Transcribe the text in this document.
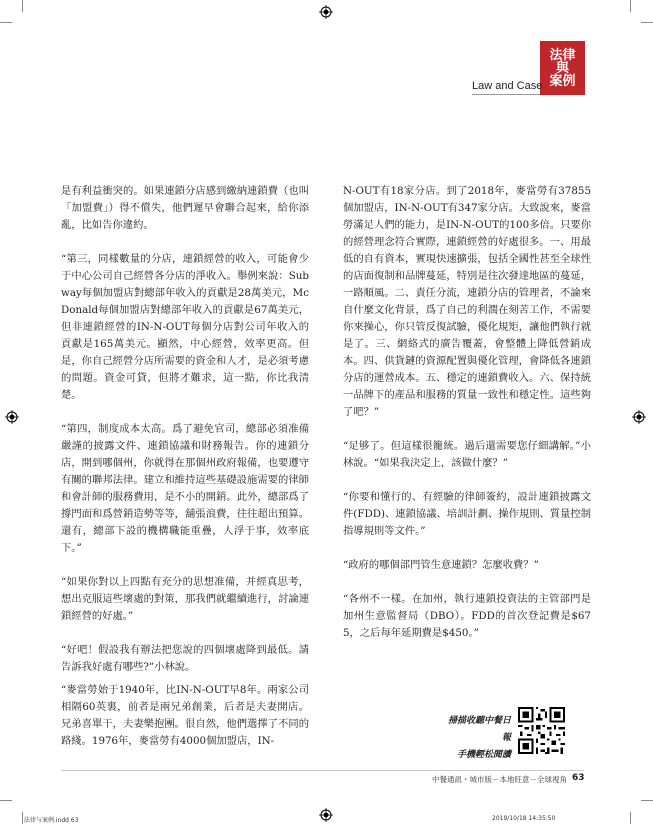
法律
與
案例
Law and Case

是有利益衝突的。如果連鎖分店感到繳納連鎖費（也叫「加盟費」）得不償失，他們遲早會聯合起來，給你添亂，比如告你違約。

“第三，同樣數量的分店，連鎖經營的收入，可能會少于中心公司自己經營各分店的淨收入。舉例來說：Subway每個加盟店對總部年收入的貢獻是28萬美元，McDonald每個加盟店對總部年收入的貢獻是67萬美元，但非連鎖經營的IN-N-OUT每個分店對公司年收入的貢獻是165萬美元。顯然，中心經營，效率更高。但是，你自己經營分店所需要的資金和人才，是必須考慮的問題。資金可貸，但將才難求，這一點，你比我清楚。

“第四，制度成本太高。爲了避免官司，總部必須准備嚴謹的披露文件、連鎖協議和財務報告。你的連鎖分店，開到哪個州，你就得在那個州政府報備，也要遵守有關的聯邦法律。建立和維持這些基礎設施需要的律師和會計師的服務費用，是不小的開銷。此外，總部爲了撐門面和爲營銷造勢等等，舖張浪費，往往超出預算。還有，總部下設的機構職能重疊，人浮于事，效率底下。”

“如果你對以上四點有充分的思想准備，并經真思考，想出克服這些壞處的對策，那我們就繼續進行，討論連鎖經營的好處。”

“好吧！假設我有辦法把您說的四個壞處降到最低。請告訴我好處有哪些?”小林說。

“麥當勞始于1940年，比IN-N-OUT早8年。兩家公司相隔60英裏，前者是兩兄弟創業，后者是夫妻開店。兄弟喜單干，夫妻樂抱團。很自然，他們選擇了不同的路綫。1976年，麥當勞有4000個加盟店，IN-

N-OUT有18家分店。到了2018年，麥當勞有37855個加盟店，IN-N-OUT有347家分店。大致說來，麥當勞滿足人們的能力，是IN-N-OUT的100多倍。只要你的經營理念符合實際，連鎖經營的好處很多。一、用最低的自有資本，實現快速擴張，包括全國性甚至全球性的店面復制和品牌蔓延，特別是往次發達地區的蔓延，一路順風。二、責任分流，連鎖分店的管理者，不論來自什麼文化背景，爲了自己的利潤在刻苦工作，不需要你來操心，你只管反復試驗，優化規矩，讓他們執行就是了。三、網絡式的廣告覆蓋，會整體上降低營銷成本。四、供貨鏈的資源配置與優化管理，會降低各連鎖分店的運營成本。五、穩定的連鎖費收入。六、保持統一品牌下的產品和服務的質量一致性和穩定性。這些夠了吧？”

“足够了。但這樣很籠統。過后還需要您仔細講解。”小林說。“如果我決定上，該做什麼？”

“你要和懂行的、有經驗的律師簽約，設計連鎖披露文件(FDD)、連鎖協議、培訓計劃、操作規則、質量控制指導規則等文件。”

“政府的哪個部門管生意連鎖？怎麼收費？”

“各州不一樣。在加州，執行連鎖投資法的主管部門是加州生意監督局（DBO）。FDD的首次登記費是$675，之后每年延期費是$450。”

掃描收聽中餐日報
手機輕松閱讀
中餐通訊・城市版－本地旺意－全球視角 63
法律与案例.indd 63	2019/10/18 14:35:50
